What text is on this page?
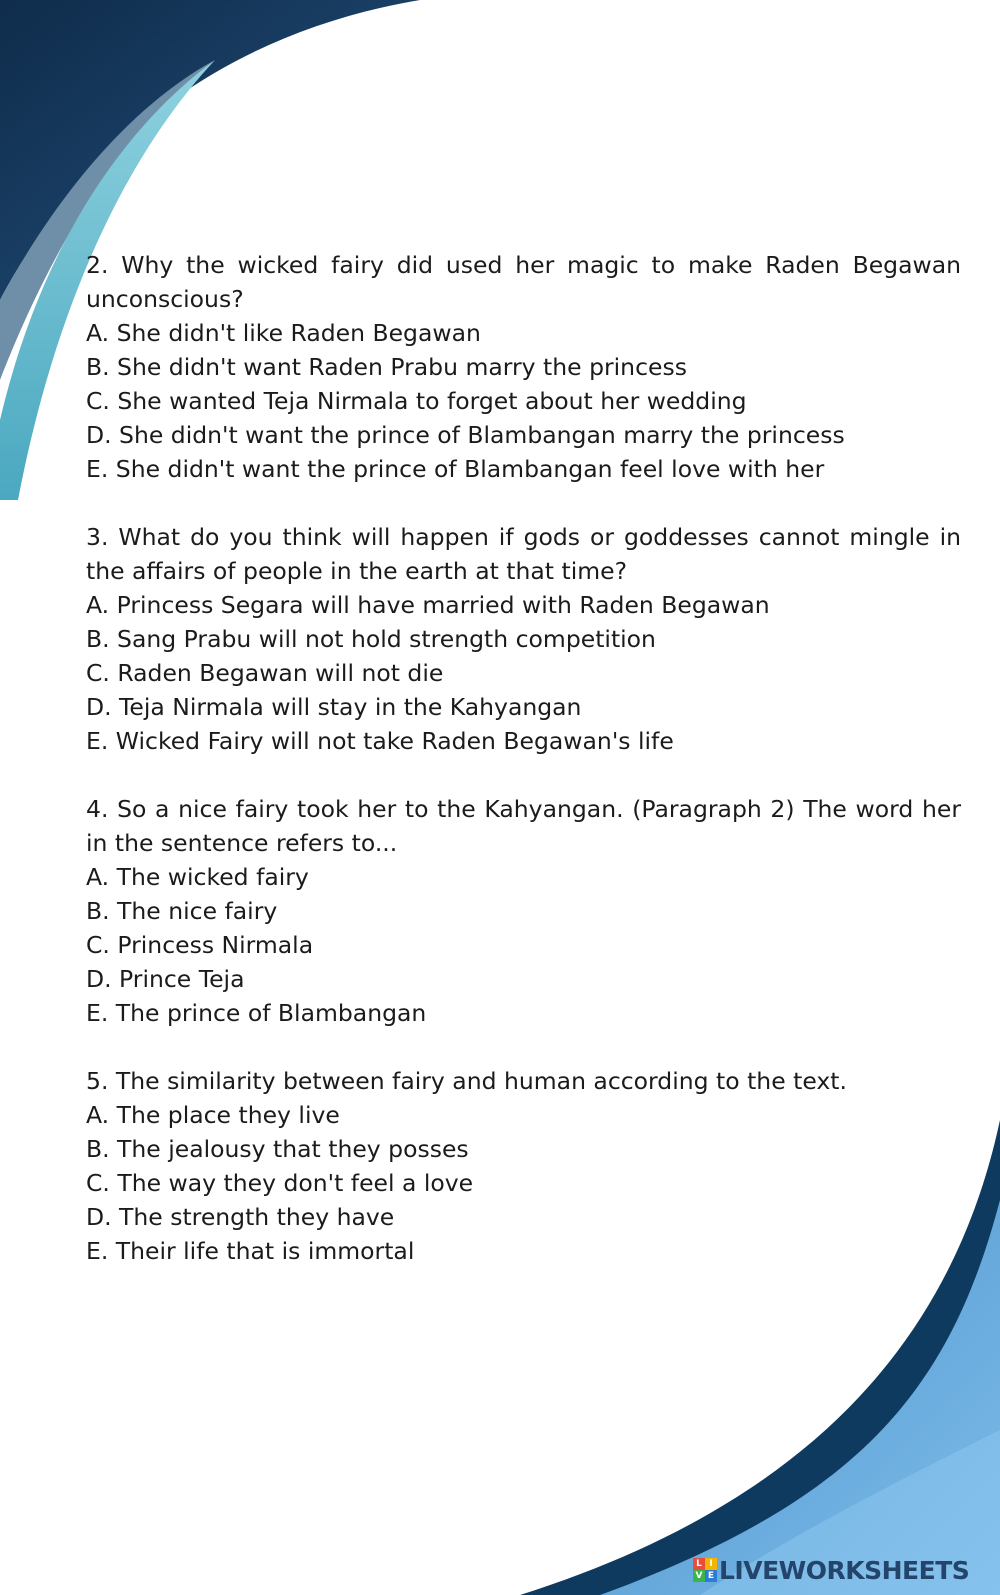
2. Why the wicked fairy did used her magic to make Raden Begawan unconscious?
A. She didn't like Raden Begawan
B. She didn't want Raden Prabu marry the princess
C. She wanted Teja Nirmala to forget about her wedding
D. She didn't want the prince of Blambangan marry the princess
E. She didn't want the prince of Blambangan feel love with her
3. What do you think will happen if gods or goddesses cannot mingle in the affairs of people in the earth at that time?
A. Princess Segara will have married with Raden Begawan
B. Sang Prabu will not hold strength competition
C. Raden Begawan will not die
D. Teja Nirmala will stay in the Kahyangan
E. Wicked Fairy will not take Raden Begawan's life
4. So a nice fairy took her to the Kahyangan. (Paragraph 2) The word her in the sentence refers to...
A. The wicked fairy
B. The nice fairy
C. Princess Nirmala
D. Prince Teja
E. The prince of Blambangan
5. The similarity between fairy and human according to the text.
A. The place they live
B. The jealousy that they posses
C. The way they don't feel a love
D. The strength they have
E. Their life that is immortal
L I
V E LIVEWORKSHEETS
